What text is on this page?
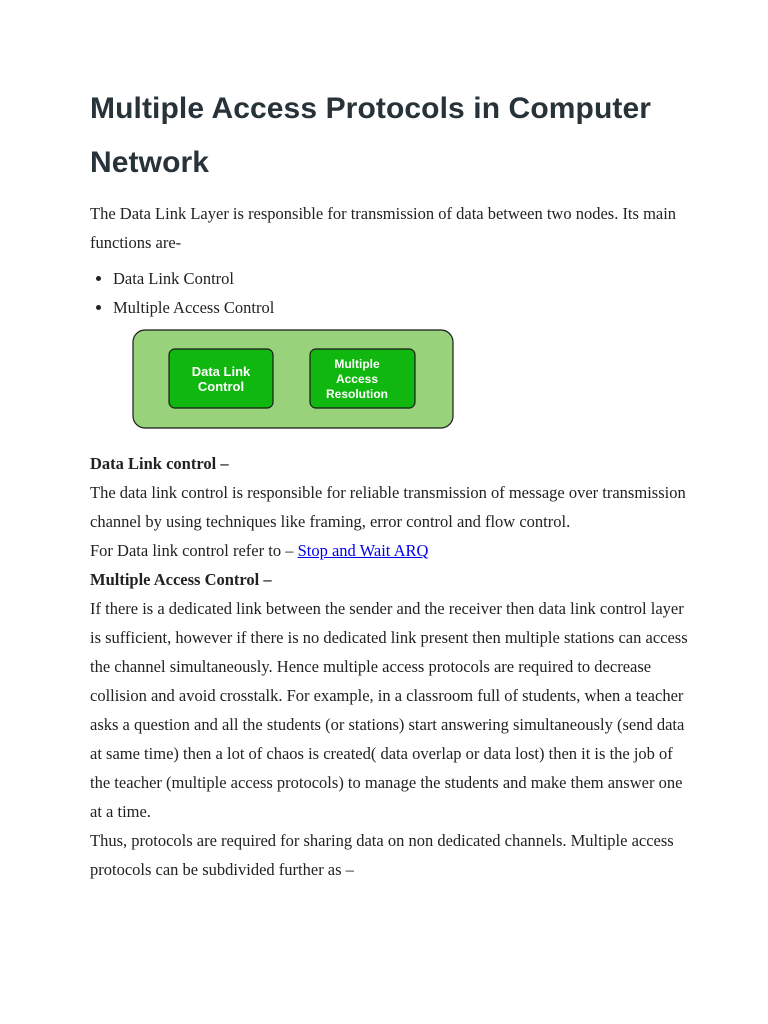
Multiple Access Protocols in Computer Network

The Data Link Layer is responsible for transmission of data between two nodes. Its main functions are-

• Data Link Control
• Multiple Access Control
Data Link
Control
Multiple
Access
Resolution
Data Link control –

The data link control is responsible for reliable transmission of message over transmission channel by using techniques like framing, error control and flow control.

For Data link control refer to – Stop and Wait ARQ

Multiple Access Control –

If there is a dedicated link between the sender and the receiver then data link control layer is sufficient, however if there is no dedicated link present then multiple stations can access the channel simultaneously. Hence multiple access protocols are required to decrease collision and avoid crosstalk. For example, in a classroom full of students, when a teacher asks a question and all the students (or stations) start answering simultaneously (send data at same time) then a lot of chaos is created( data overlap or data lost) then it is the job of the teacher (multiple access protocols) to manage the students and make them answer one at a time.

Thus, protocols are required for sharing data on non dedicated channels. Multiple access protocols can be subdivided further as –
